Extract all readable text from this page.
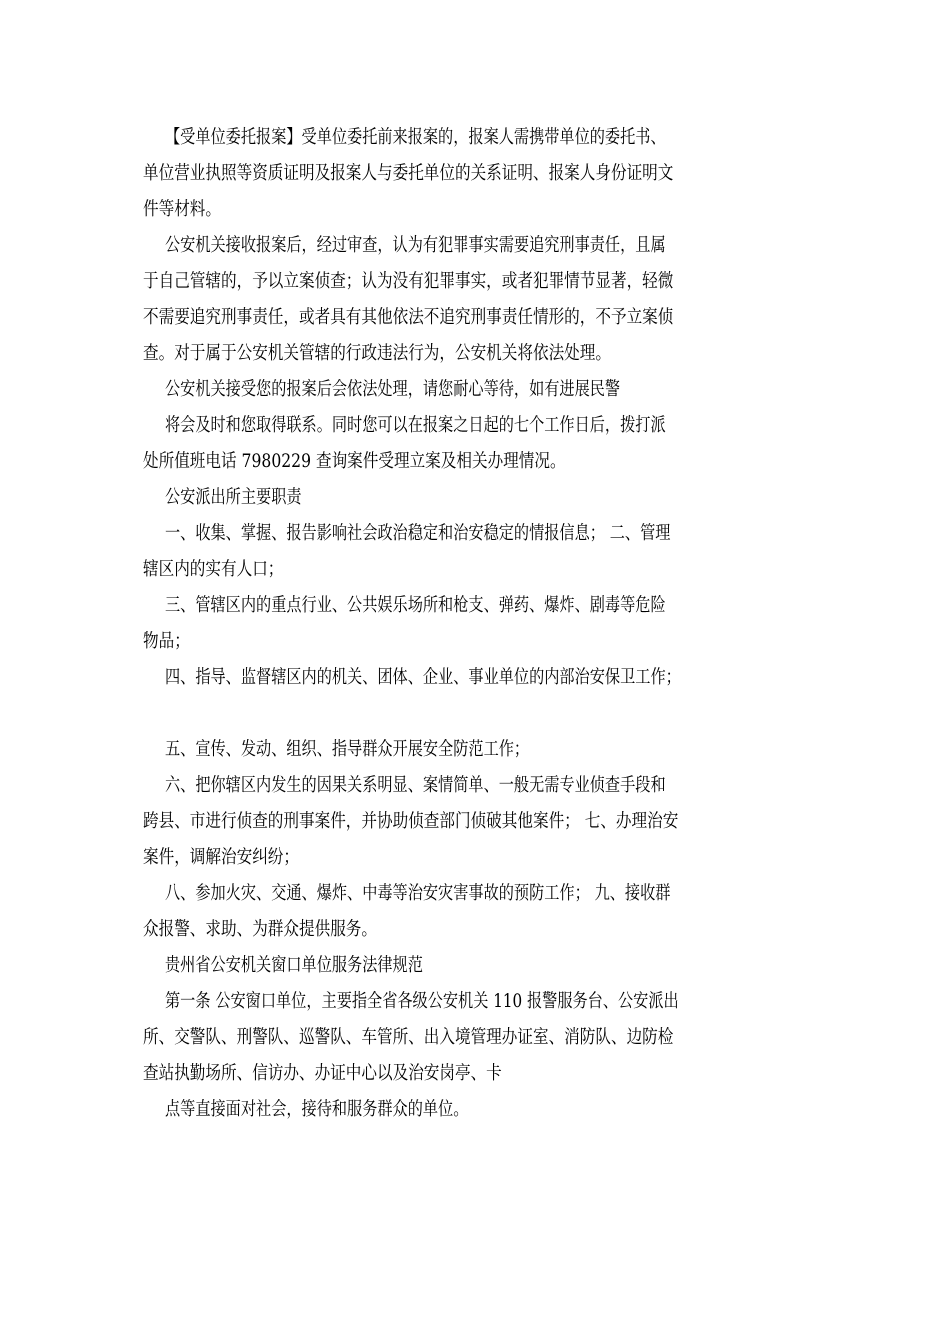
【受单位委托报案】受单位委托前来报案的，报案人需携带单位的委托书、
单位营业执照等资质证明及报案人与委托单位的关系证明、报案人身份证明文
件等材料。
公安机关接收报案后，经过审查，认为有犯罪事实需要追究刑事责任，且属
于自己管辖的，予以立案侦查；认为没有犯罪事实，或者犯罪情节显著，轻微
不需要追究刑事责任，或者具有其他依法不追究刑事责任情形的，不予立案侦
查。对于属于公安机关管辖的行政违法行为，公安机关将依法处理。
公安机关接受您的报案后会依法处理，请您耐心等待，如有进展民警
将会及时和您取得联系。同时您可以在报案之日起的七个工作日后，拨打派
处所值班电话 7980229 查询案件受理立案及相关办理情况。
公安派出所主要职责
一、收集、掌握、报告影响社会政治稳定和治安稳定的情报信息； 二、管理
辖区内的实有人口；
三、管辖区内的重点行业、公共娱乐场所和枪支、弹药、爆炸、剧毒等危险
物品；
四、指导、监督辖区内的机关、团体、企业、事业单位的内部治安保卫工作；
五、宣传、发动、组织、指导群众开展安全防范工作；
六、把你辖区内发生的因果关系明显、案情简单、一般无需专业侦查手段和
跨县、市进行侦查的刑事案件，并协助侦查部门侦破其他案件； 七、办理治安
案件，调解治安纠纷；
八、参加火灾、交通、爆炸、中毒等治安灾害事故的预防工作； 九、接收群
众报警、求助、为群众提供服务。
贵州省公安机关窗口单位服务法律规范
第一条 公安窗口单位，主要指全省各级公安机关 110 报警服务台、公安派出
所、交警队、刑警队、巡警队、车管所、出入境管理办证室、消防队、边防检
查站执勤场所、信访办、办证中心以及治安岗亭、卡
点等直接面对社会，接待和服务群众的单位。
